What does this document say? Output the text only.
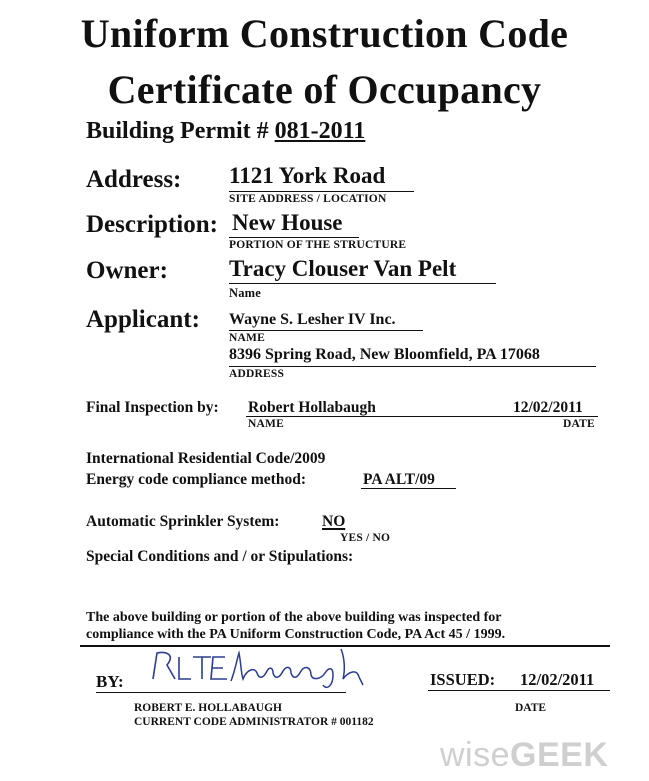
Uniform Construction Code
Certificate of Occupancy
Building Permit # 081-2011
Address: 1121 York Road
SITE ADDRESS / LOCATION
Description: New House
PORTION OF THE STRUCTURE
Owner:	Tracy Clouser Van Pelt
Name
Applicant: Wayne S. Lesher IV Inc.
NAME
8396 Spring Road, New Bloomfield, PA 17068
ADDRESS
Final Inspection by: Robert Hollabaugh	12/02/2011
NAME	DATE
International Residential Code/2009
Energy code compliance method:	PA ALT/09
Automatic Sprinkler System:	NO
YES / NO
Special Conditions and / or Stipulations:
The above building or portion of the above building was inspected for
compliance with the PA Uniform Construction Code, PA Act 45 / 1999.
BY:	ISSUED: 12/02/2011
ROBERT E. HOLLABAUGH	DATE
CURRENT CODE ADMINISTRATOR # 001182
wiseGEEK
